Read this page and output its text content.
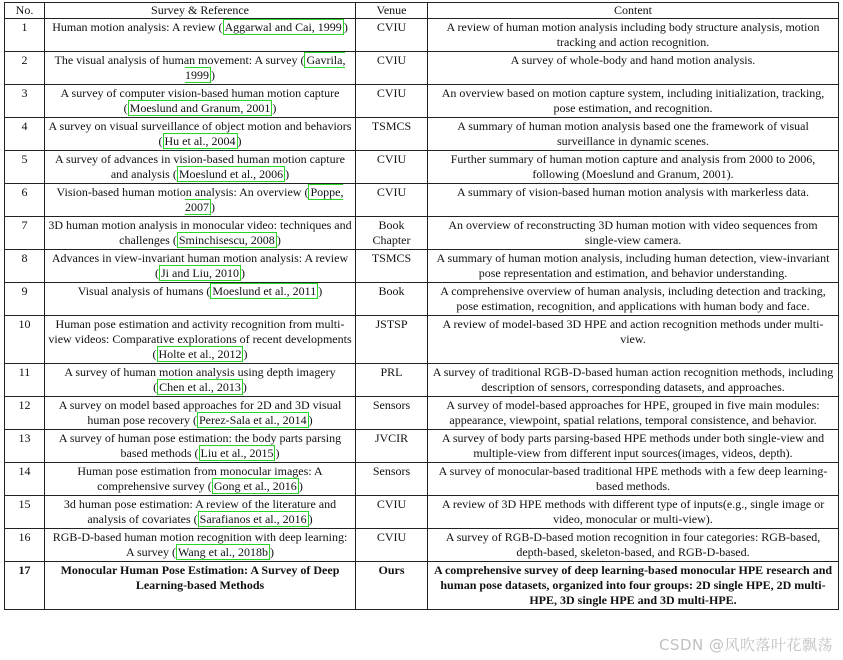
No.	Survey & Reference	Venue	Content
1	Human motion analysis: A review ( Aggarwal and Cai, 1999 )	CVIU	A review of human motion analysis including body structure analysis, motion tracking and action recognition.
2	The visual analysis of human movement: A survey ( Gavrila, 1999 )	CVIU	A survey of whole-body and hand motion analysis.
3	A survey of computer vision-based human motion capture ( Moeslund and Granum, 2001 )	CVIU	An overview based on motion capture system, including initialization, tracking, pose estimation, and recognition.
4	A survey on visual surveillance of object motion and behaviors ( Hu et al., 2004 )	TSMCS	A summary of human motion analysis based one the framework of visual surveillance in dynamic scenes.
5	A survey of advances in vision-based human motion capture and analysis ( Moeslund et al., 2006 )	CVIU	Further summary of human motion capture and analysis from 2000 to 2006, following (Moeslund and Granum, 2001).
6	Vision-based human motion analysis: An overview ( Poppe, 2007 )	CVIU	A summary of vision-based human motion analysis with markerless data.
7	3D human motion analysis in monocular video: techniques and challenges ( Sminchisescu, 2008 )	Book Chapter	An overview of reconstructing 3D human motion with video sequences from single-view camera.
8	Advances in view-invariant human motion analysis: A review ( Ji and Liu, 2010 )	TSMCS	A summary of human motion analysis, including human detection, view-invariant pose representation and estimation, and behavior understanding.
9	Visual analysis of humans ( Moeslund et al., 2011 )	Book	A comprehensive overview of human analysis, including detection and tracking, pose estimation, recognition, and applications with human body and face.
10	Human pose estimation and activity recognition from multi-view videos: Comparative explorations of recent developments ( Holte et al., 2012 )	JSTSP	A review of model-based 3D HPE and action recognition methods under multi-view.
11	A survey of human motion analysis using depth imagery ( Chen et al., 2013 )	PRL	A survey of traditional RGB-D-based human action recognition methods, including description of sensors, corresponding datasets, and approaches.
12	A survey on model based approaches for 2D and 3D visual human pose recovery ( Perez-Sala et al., 2014 )	Sensors	A survey of model-based approaches for HPE, grouped in five main modules: appearance, viewpoint, spatial relations, temporal consistence, and behavior.
13	A survey of human pose estimation: the body parts parsing based methods ( Liu et al., 2015 )	JVCIR	A survey of body parts parsing-based HPE methods under both single-view and multiple-view from different input sources(images, videos, depth).
14	Human pose estimation from monocular images: A comprehensive survey ( Gong et al., 2016 )	Sensors	A survey of monocular-based traditional HPE methods with a few deep learning-based methods.
15	3d human pose estimation: A review of the literature and analysis of covariates ( Sarafianos et al., 2016 )	CVIU	A review of 3D HPE methods with different type of inputs(e.g., single image or video, monocular or multi-view).
16	RGB-D-based human motion recognition with deep learning: A survey ( Wang et al., 2018b )	CVIU	A survey of RGB-D-based motion recognition in four categories: RGB-based, depth-based, skeleton-based, and RGB-D-based.
17	Monocular Human Pose Estimation: A Survey of Deep Learning-based Methods	Ours	A comprehensive survey of deep learning-based monocular HPE research and human pose datasets, organized into four groups: 2D single HPE, 2D multi-HPE, 3D single HPE and 3D multi-HPE.
CSDN @风吹落叶花飘荡
